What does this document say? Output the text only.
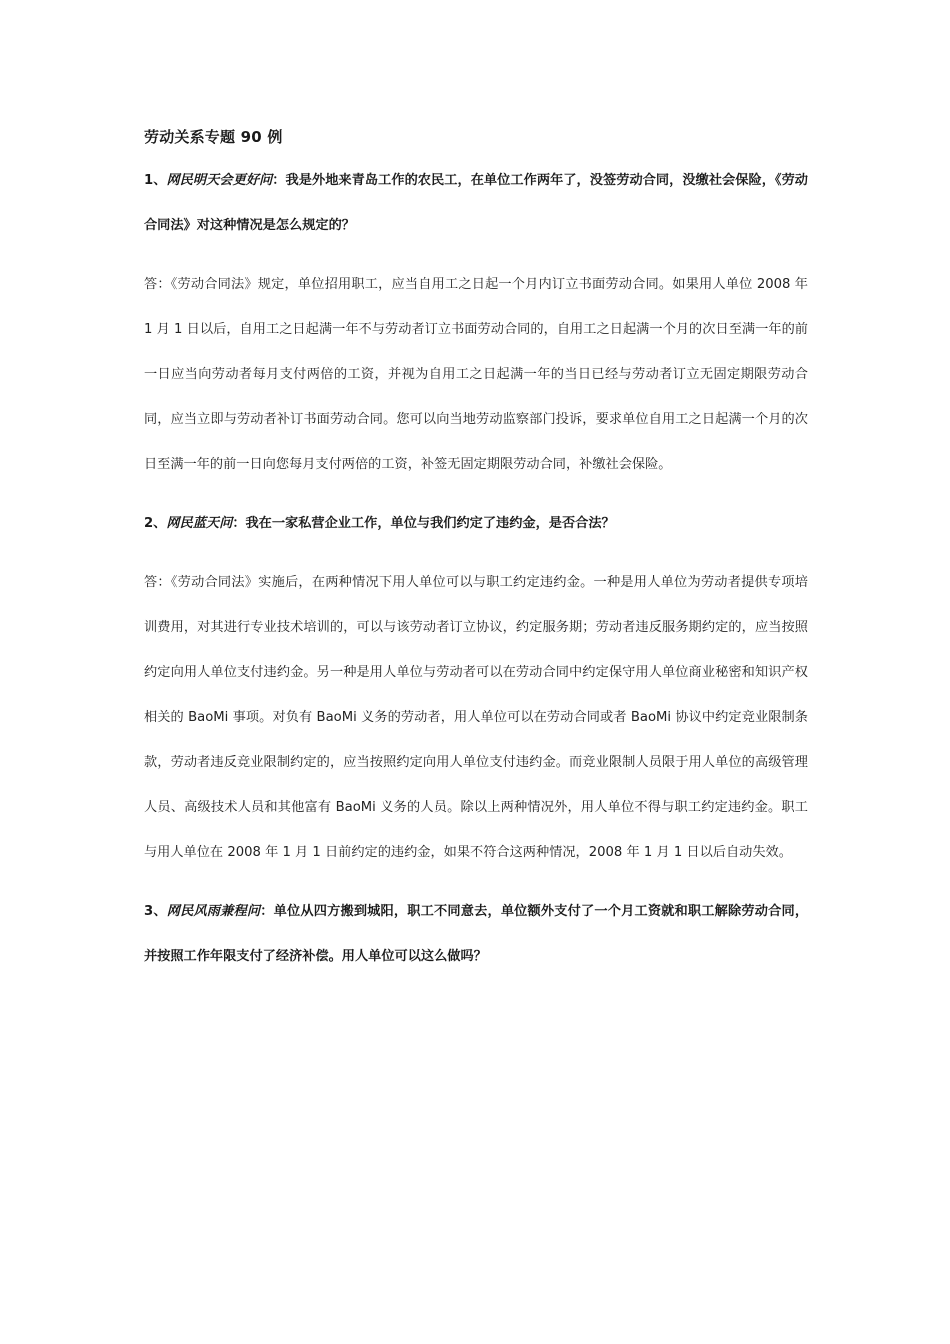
劳动关系专题 90 例
1、网民明天会更好问：我是外地来青岛工作的农民工，在单位工作两年了，没签劳动合同，没缴社会保险，《劳动合同法》对这种情况是怎么规定的？
答：《劳动合同法》规定，单位招用职工，应当自用工之日起一个月内订立书面劳动合同。如果用人单位 2008 年 1 月 1 日以后，自用工之日起满一年不与劳动者订立书面劳动合同的，自用工之日起满一个月的次日至满一年的前一日应当向劳动者每月支付两倍的工资，并视为自用工之日起满一年的当日已经与劳动者订立无固定期限劳动合同，应当立即与劳动者补订书面劳动合同。您可以向当地劳动监察部门投诉，要求单位自用工之日起满一个月的次日至满一年的前一日向您每月支付两倍的工资，补签无固定期限劳动合同，补缴社会保险。
2、网民蓝天问：我在一家私营企业工作，单位与我们约定了违约金，是否合法？
答：《劳动合同法》实施后，在两种情况下用人单位可以与职工约定违约金。一种是用人单位为劳动者提供专项培训费用，对其进行专业技术培训的，可以与该劳动者订立协议，约定服务期；劳动者违反服务期约定的，应当按照约定向用人单位支付违约金。另一种是用人单位与劳动者可以在劳动合同中约定保守用人单位商业秘密和知识产权相关的 BaoMi 事项。对负有 BaoMi 义务的劳动者，用人单位可以在劳动合同或者 BaoMi 协议中约定竞业限制条款，劳动者违反竞业限制约定的，应当按照约定向用人单位支付违约金。而竞业限制人员限于用人单位的高级管理人员、高级技术人员和其他富有 BaoMi 义务的人员。除以上两种情况外，用人单位不得与职工约定违约金。职工与用人单位在 2008 年 1 月 1 日前约定的违约金，如果不符合这两种情况，2008 年 1 月 1 日以后自动失效。
3、网民风雨兼程问：单位从四方搬到城阳，职工不同意去，单位额外支付了一个月工资就和职工解除劳动合同，并按照工作年限支付了经济补偿。用人单位可以这么做吗？
